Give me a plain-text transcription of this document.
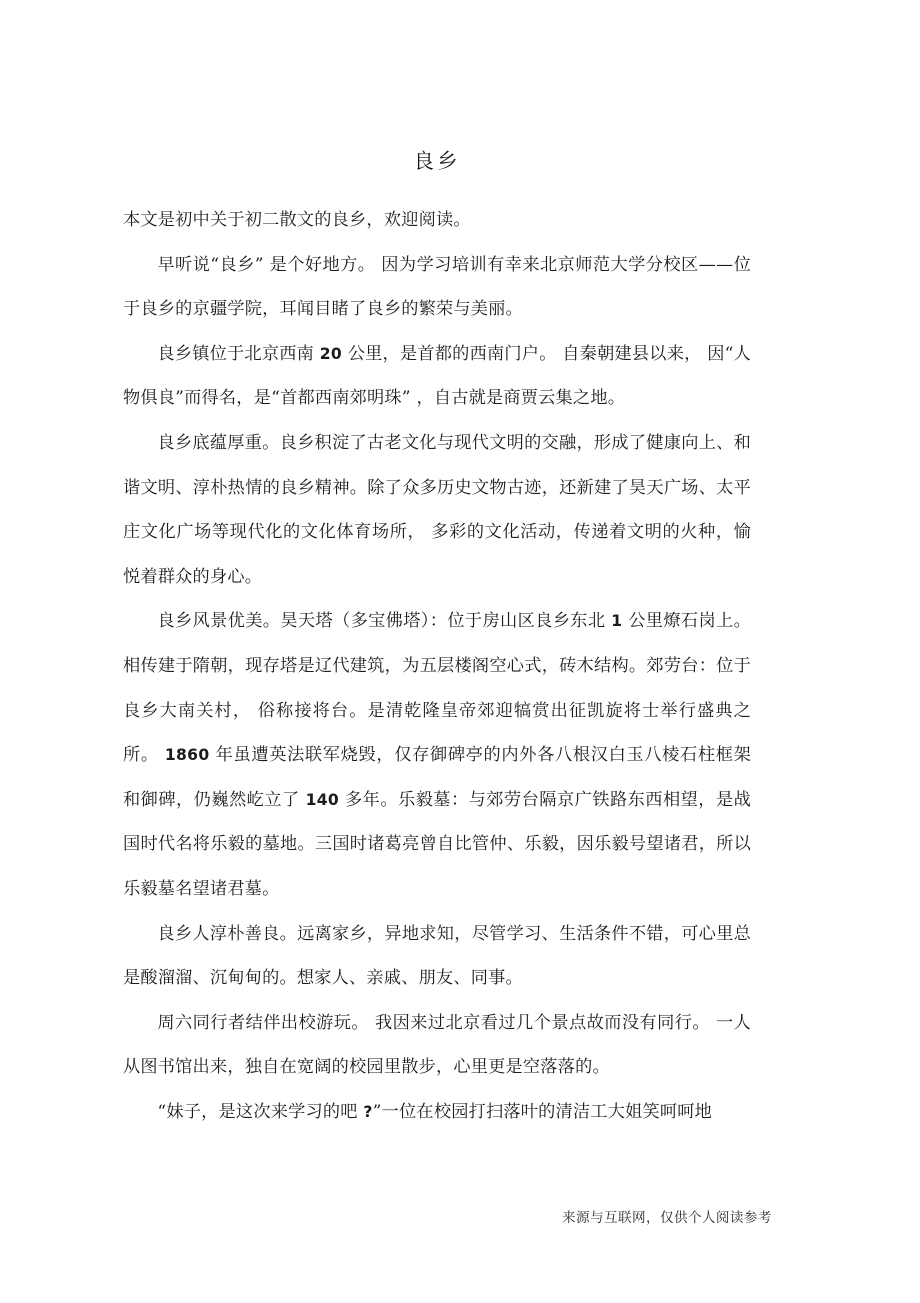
良乡

本文是初中关于初二散文的良乡，欢迎阅读。

早听说“良乡” 是个好地方。 因为学习培训有幸来北京师范大学分校区——位于良乡的京疆学院，耳闻目睹了良乡的繁荣与美丽。

良乡镇位于北京西南 20 公里，是首都的西南门户。 自秦朝建县以来， 因“人物俱良”而得名，是“首都西南郊明珠” ，自古就是商贾云集之地。

良乡底蕴厚重。良乡积淀了古老文化与现代文明的交融，形成了健康向上、和谐文明、淳朴热情的良乡精神。除了众多历史文物古迹，还新建了昊天广场、太平庄文化广场等现代化的文化体育场所， 多彩的文化活动，传递着文明的火种，愉悦着群众的身心。

良乡风景优美。昊天塔（多宝佛塔）：位于房山区良乡东北 1 公里燎石岗上。相传建于隋朝，现存塔是辽代建筑，为五层楼阁空心式，砖木结构。郊劳台：位于良乡大南关村， 俗称接将台。是清乾隆皇帝郊迎犒赏出征凯旋将士举行盛典之所。 1860 年虽遭英法联军烧毁，仅存御碑亭的内外各八根汉白玉八棱石柱框架和御碑，仍巍然屹立了 140 多年。乐毅墓：与郊劳台隔京广铁路东西相望，是战国时代名将乐毅的墓地。三国时诸葛亮曾自比管仲、乐毅，因乐毅号望诸君，所以乐毅墓名望诸君墓。

良乡人淳朴善良。远离家乡，异地求知，尽管学习、生活条件不错，可心里总是酸溜溜、沉甸甸的。想家人、亲戚、朋友、同事。

周六同行者结伴出校游玩。 我因来过北京看过几个景点故而没有同行。 一人从图书馆出来，独自在宽阔的校园里散步，心里更是空落落的。

“妹子，是这次来学习的吧 ?”一位在校园打扫落叶的清洁工大姐笑呵呵地

来源与互联网，仅供个人阅读参考
